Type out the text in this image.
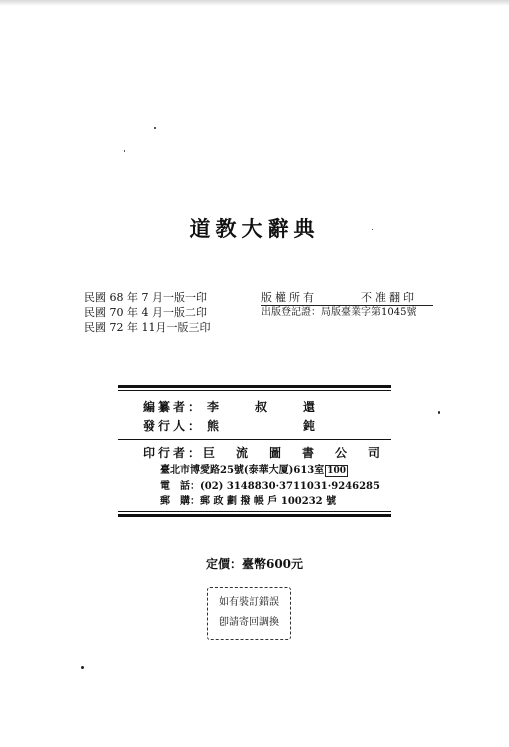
道教大辭典
民國 68 年 7 月一版一印
民國 70 年 4 月一版二印
民國 72 年 11月一版三印
版權所有	不准翻印
出版登記證：局版臺業字第1045號
編纂者： 李　　　叔　　　還
發行人： 熊　　　　　　　鈍
印行者：巨流圖書公司
臺北市博愛路25號(泰華大厦)613室 100
電　話：(02) 3148830·3711031·9246285
郵　購：郵 政 劃 撥 帳 戶 100232 號
定價：臺幣600元
如有裝訂錯誤
卽請寄回調換
